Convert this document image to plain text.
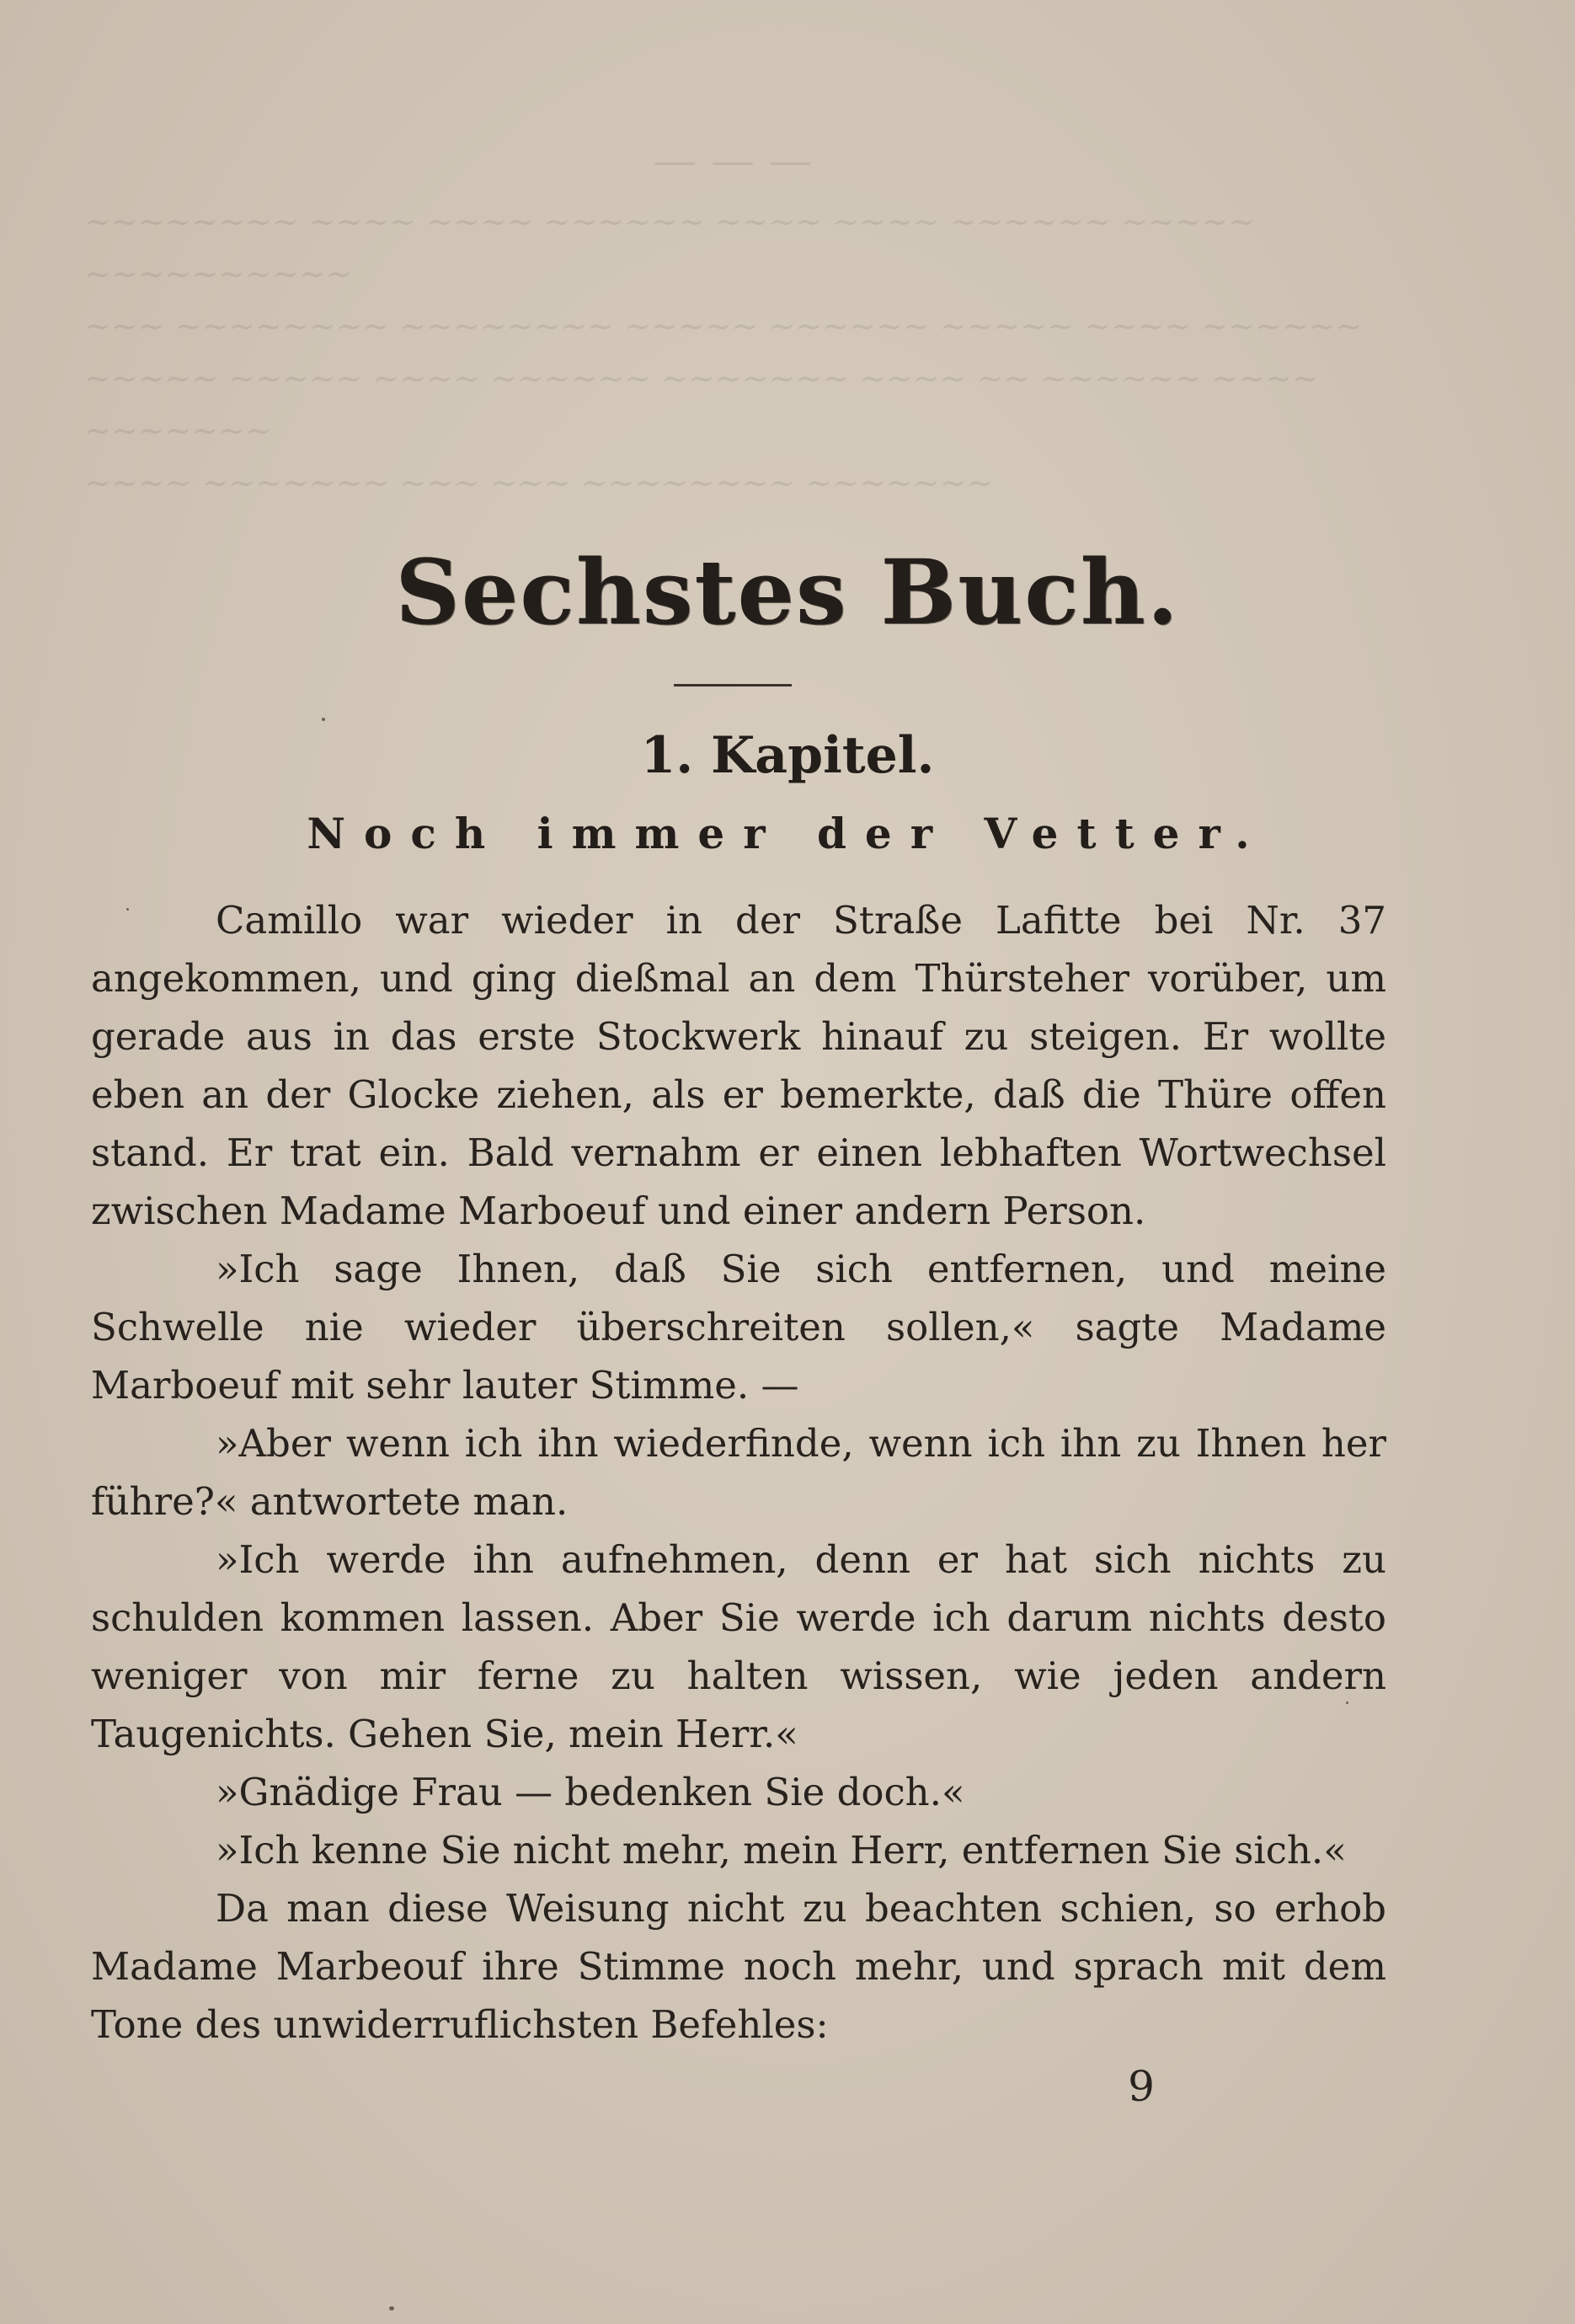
— — —
~~~~~~~~ ~~~~ ~~~~ ~~~~~~ ~~~~ ~~~~ ~~~~~~ ~~~~~
~~~~~~~~~~
~~~ ~~~~~~~~ ~~~~~~~~ ~~~~~ ~~~~~~ ~~~~~ ~~~~ ~~~~~~
~~~~~ ~~~~~ ~~~~ ~~~~~~ ~~~~~~~ ~~~~ ~~ ~~~~~~ ~~~~
~~~~~~~
~~~~ ~~~~~~~ ~~~ ~~~ ~~~~~~~~ ~~~~~~~
Sechstes Buch.
1. Kapitel.
Noch immer der Vetter.

Camillo war wieder in der Straße Lafitte bei Nr. 37 angekommen, und ging dießmal an dem Thürsteher vorüber, um gerade aus in das erste Stockwerk hinauf zu steigen. Er wollte eben an der Glocke ziehen, als er bemerkte, daß die Thüre offen stand. Er trat ein. Bald vernahm er einen lebhaften Wortwechsel zwischen Madame Marboeuf und einer andern Person.

»Ich sage Ihnen, daß Sie sich entfernen, und meine Schwelle nie wieder überschreiten sollen,« sagte Madame Marboeuf mit sehr lauter Stimme. —

»Aber wenn ich ihn wiederfinde, wenn ich ihn zu Ihnen her führe?« antwortete man.

»Ich werde ihn aufnehmen, denn er hat sich nichts zu schulden kommen lassen. Aber Sie werde ich darum nichts desto weniger von mir ferne zu halten wissen, wie jeden andern Taugenichts. Gehen Sie, mein Herr.«

»Gnädige Frau — bedenken Sie doch.«

»Ich kenne Sie nicht mehr, mein Herr, entfernen Sie sich.«

Da man diese Weisung nicht zu beachten schien, so erhob Madame Marbeouf ihre Stimme noch mehr, und sprach mit dem Tone des unwiderruflichsten Befehles:

9
